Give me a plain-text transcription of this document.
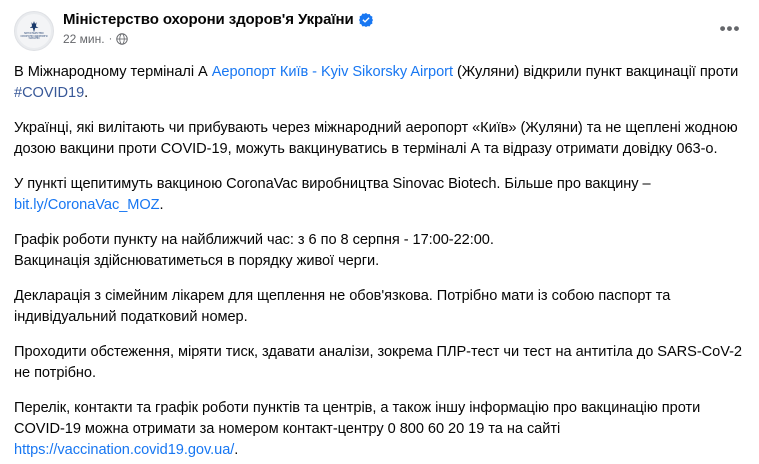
МІНІСТЕРСТВО ОХОРОНИ ЗДОРОВ'Я УКРАЇНИ
Міністерство охорони здоров'я України
22 мин. ·
•••

В Міжнародному терміналі А Аеропорт Київ - Kyiv Sikorsky Airport (Жуляни) відкрили пункт вакцинації проти #COVID19.

Українці, які вилітають чи прибувають через міжнародний аеропорт «Київ» (Жуляни) та не щеплені жодною дозою вакцини проти COVID-19, можуть вакцинуватись в терміналі А та відразу отримати довідку 063-о.

У пункті щепитимуть вакциною CoronaVac виробництва Sinovac Biotech. Більше про вакцину – bit.ly/CoronaVac_MOZ.

Графік роботи пункту на найближчий час: з 6 по 8 серпня - 17:00-22:00.
Вакцинація здійснюватиметься в порядку живої черги.

Декларація з сімейним лікарем для щеплення не обов'язкова. Потрібно мати із собою паспорт та індивідуальний податковий номер.

Проходити обстеження, міряти тиск, здавати аналізи, зокрема ПЛР-тест чи тест на антитіла до SARS-CoV-2 не потрібно.

Перелік, контакти та графік роботи пунктів та центрів, а також іншу інформацію про вакцинацію проти COVID-19 можна отримати за номером контакт-центру 0 800 60 20 19 та на сайті https://vaccination.covid19.gov.ua/.
